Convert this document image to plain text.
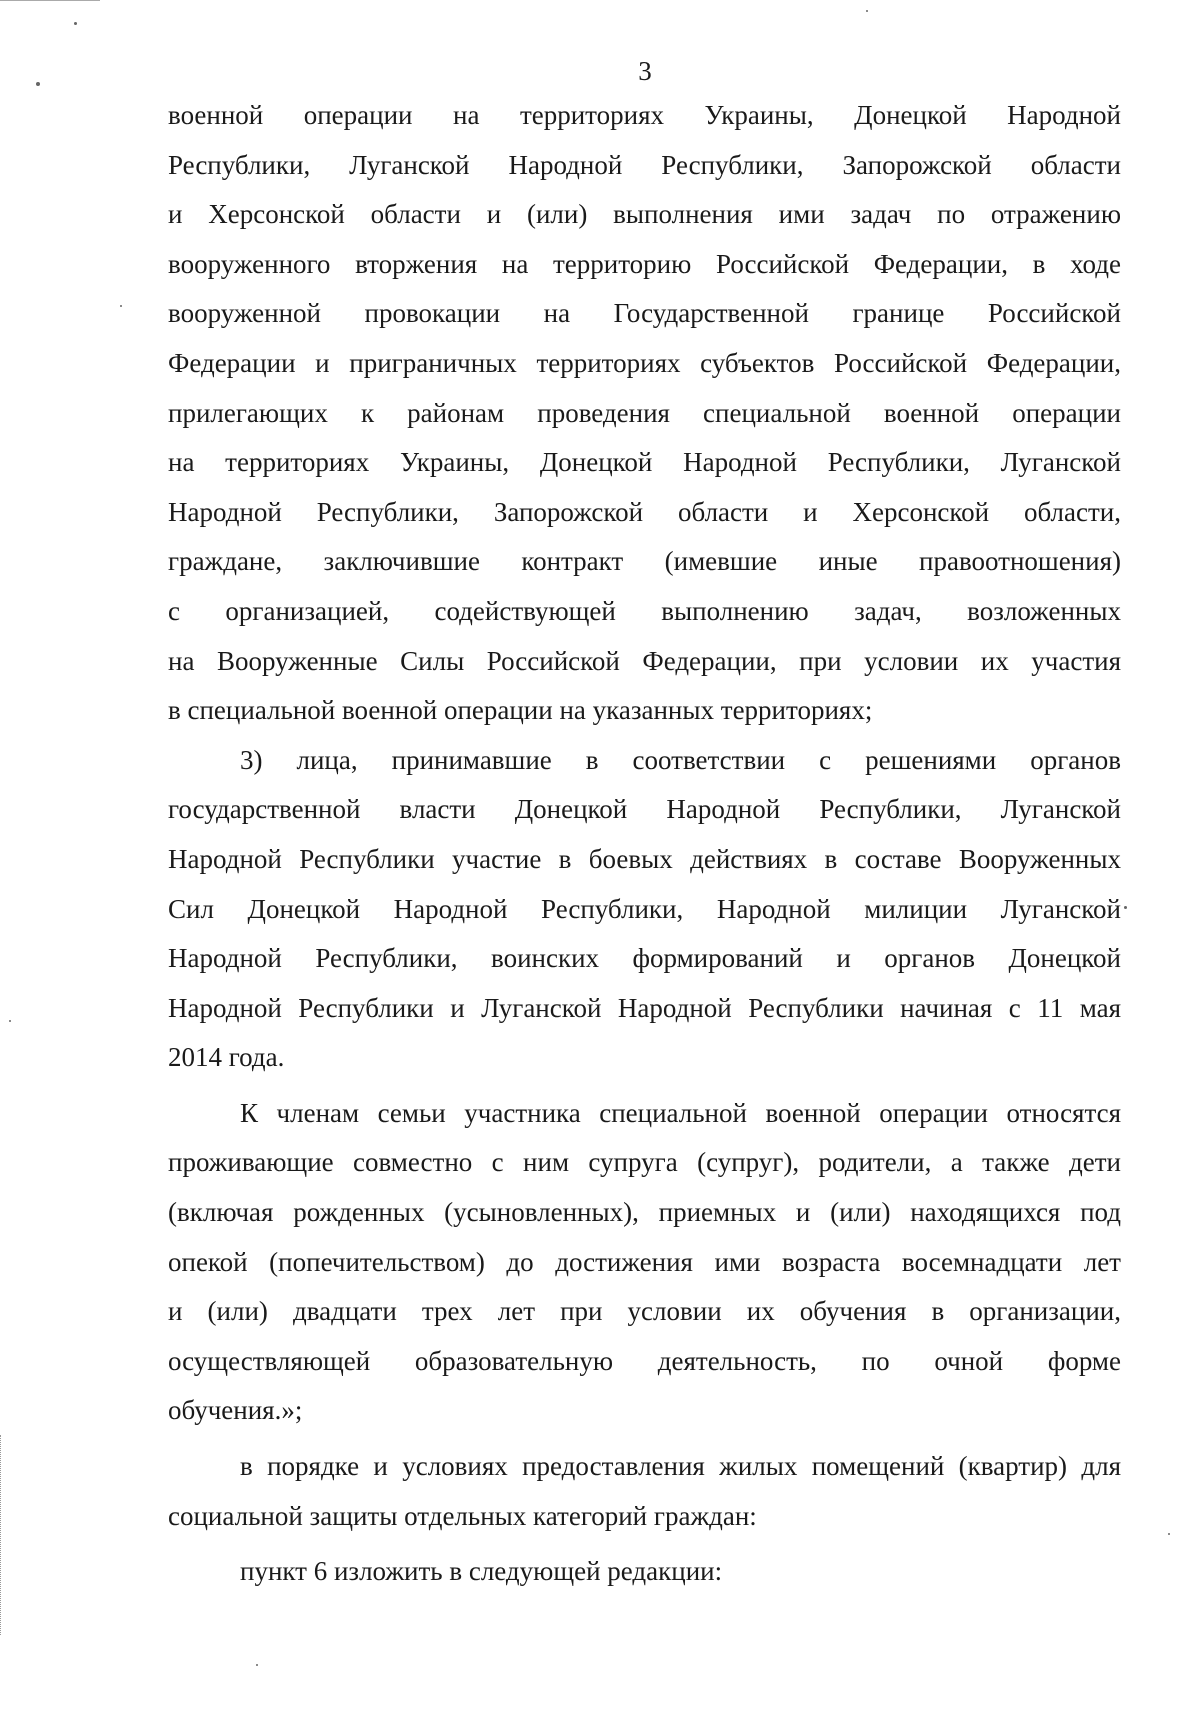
3
военной операции на территориях Украины, Донецкой Народной
Республики, Луганской Народной Республики, Запорожской области
и Херсонской области и (или) выполнения ими задач по отражению
вооруженного вторжения на территорию Российской Федерации, в ходе
вооруженной провокации на Государственной границе Российской
Федерации и приграничных территориях субъектов Российской Федерации,
прилегающих к районам проведения специальной военной операции
на территориях Украины, Донецкой Народной Республики, Луганской
Народной Республики, Запорожской области и Херсонской области,
граждане, заключившие контракт (имевшие иные правоотношения)
с организацией, содействующей выполнению задач, возложенных
на Вооруженные Силы Российской Федерации, при условии их участия
в специальной военной операции на указанных территориях;
3) лица, принимавшие в соответствии с решениями органов
государственной власти Донецкой Народной Республики, Луганской
Народной Республики участие в боевых действиях в составе Вооруженных
Сил Донецкой Народной Республики, Народной милиции Луганской
Народной Республики, воинских формирований и органов Донецкой
Народной Республики и Луганской Народной Республики начиная с 11 мая
2014 года.
К членам семьи участника специальной военной операции относятся
проживающие совместно с ним супруга (супруг), родители, а также дети
(включая рожденных (усыновленных), приемных и (или) находящихся под
опекой (попечительством) до достижения ими возраста восемнадцати лет
и (или) двадцати трех лет при условии их обучения в организации,
осуществляющей образовательную деятельность, по очной форме
обучения.»;
в порядке и условиях предоставления жилых помещений (квартир) для
социальной защиты отдельных категорий граждан:
пункт 6 изложить в следующей редакции:
